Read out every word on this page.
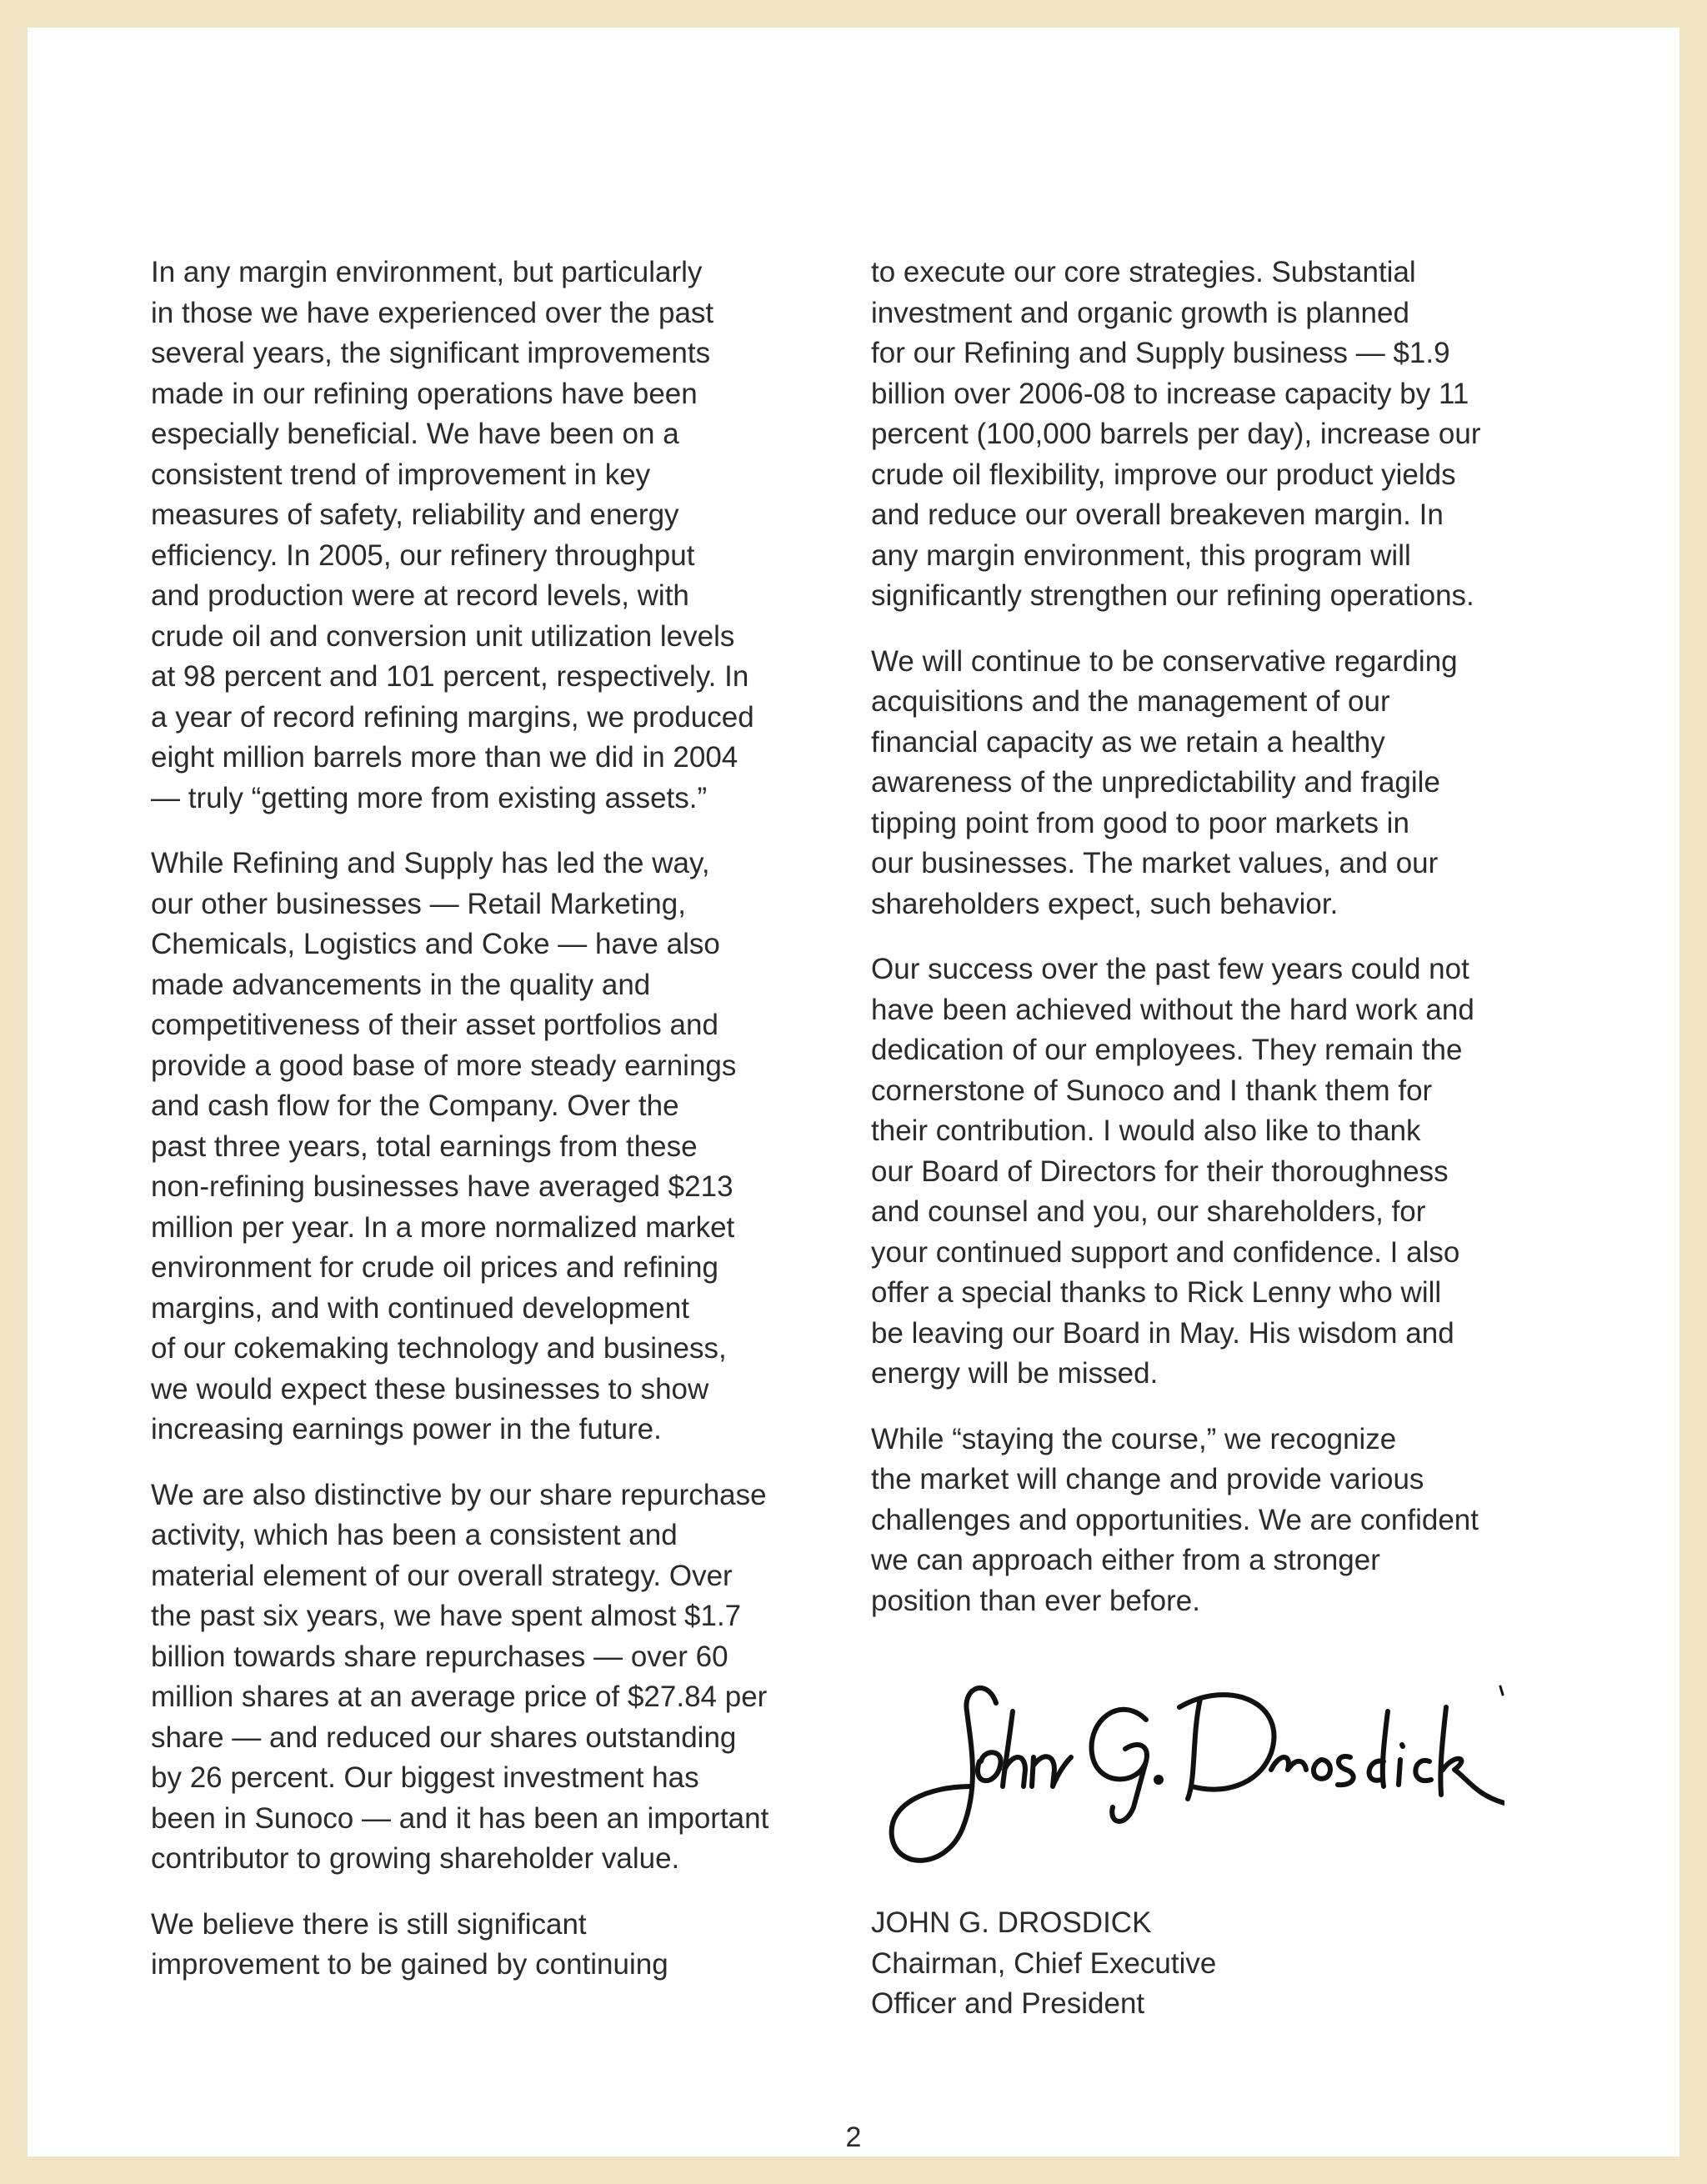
In any margin environment, but particularly
in those we have experienced over the past
several years, the significant improvements
made in our refining operations have been
especially beneficial. We have been on a
consistent trend of improvement in key
measures of safety, reliability and energy
efficiency. In 2005, our refinery throughput
and production were at record levels, with
crude oil and conversion unit utilization levels
at 98 percent and 101 percent, respectively. In
a year of record refining margins, we produced
eight million barrels more than we did in 2004
— truly “getting more from existing assets.”

While Refining and Supply has led the way,
our other businesses — Retail Marketing,
Chemicals, Logistics and Coke — have also
made advancements in the quality and
competitiveness of their asset portfolios and
provide a good base of more steady earnings
and cash flow for the Company. Over the
past three years, total earnings from these
non-refining businesses have averaged $213
million per year. In a more normalized market
environment for crude oil prices and refining
margins, and with continued development
of our cokemaking technology and business,
we would expect these businesses to show
increasing earnings power in the future.

We are also distinctive by our share repurchase
activity, which has been a consistent and
material element of our overall strategy. Over
the past six years, we have spent almost $1.7
billion towards share repurchases — over 60
million shares at an average price of $27.84 per
share — and reduced our shares outstanding
by 26 percent. Our biggest investment has
been in Sunoco — and it has been an important
contributor to growing shareholder value.

We believe there is still significant
improvement to be gained by continuing

to execute our core strategies. Substantial
investment and organic growth is planned
for our Refining and Supply business — $1.9
billion over 2006-08 to increase capacity by 11
percent (100,000 barrels per day), increase our
crude oil flexibility, improve our product yields
and reduce our overall breakeven margin. In
any margin environment, this program will
significantly strengthen our refining operations.

We will continue to be conservative regarding
acquisitions and the management of our
financial capacity as we retain a healthy
awareness of the unpredictability and fragile
tipping point from good to poor markets in
our businesses. The market values, and our
shareholders expect, such behavior.

Our success over the past few years could not
have been achieved without the hard work and
dedication of our employees. They remain the
cornerstone of Sunoco and I thank them for
their contribution. I would also like to thank
our Board of Directors for their thoroughness
and counsel and you, our shareholders, for
your continued support and confidence. I also
offer a special thanks to Rick Lenny who will
be leaving our Board in May. His wisdom and
energy will be missed.

While “staying the course,” we recognize
the market will change and provide various
challenges and opportunities. We are confident
we can approach either from a stronger
position than ever before.

JOHN G. DROSDICK
Chairman, Chief Executive
Officer and President
2
